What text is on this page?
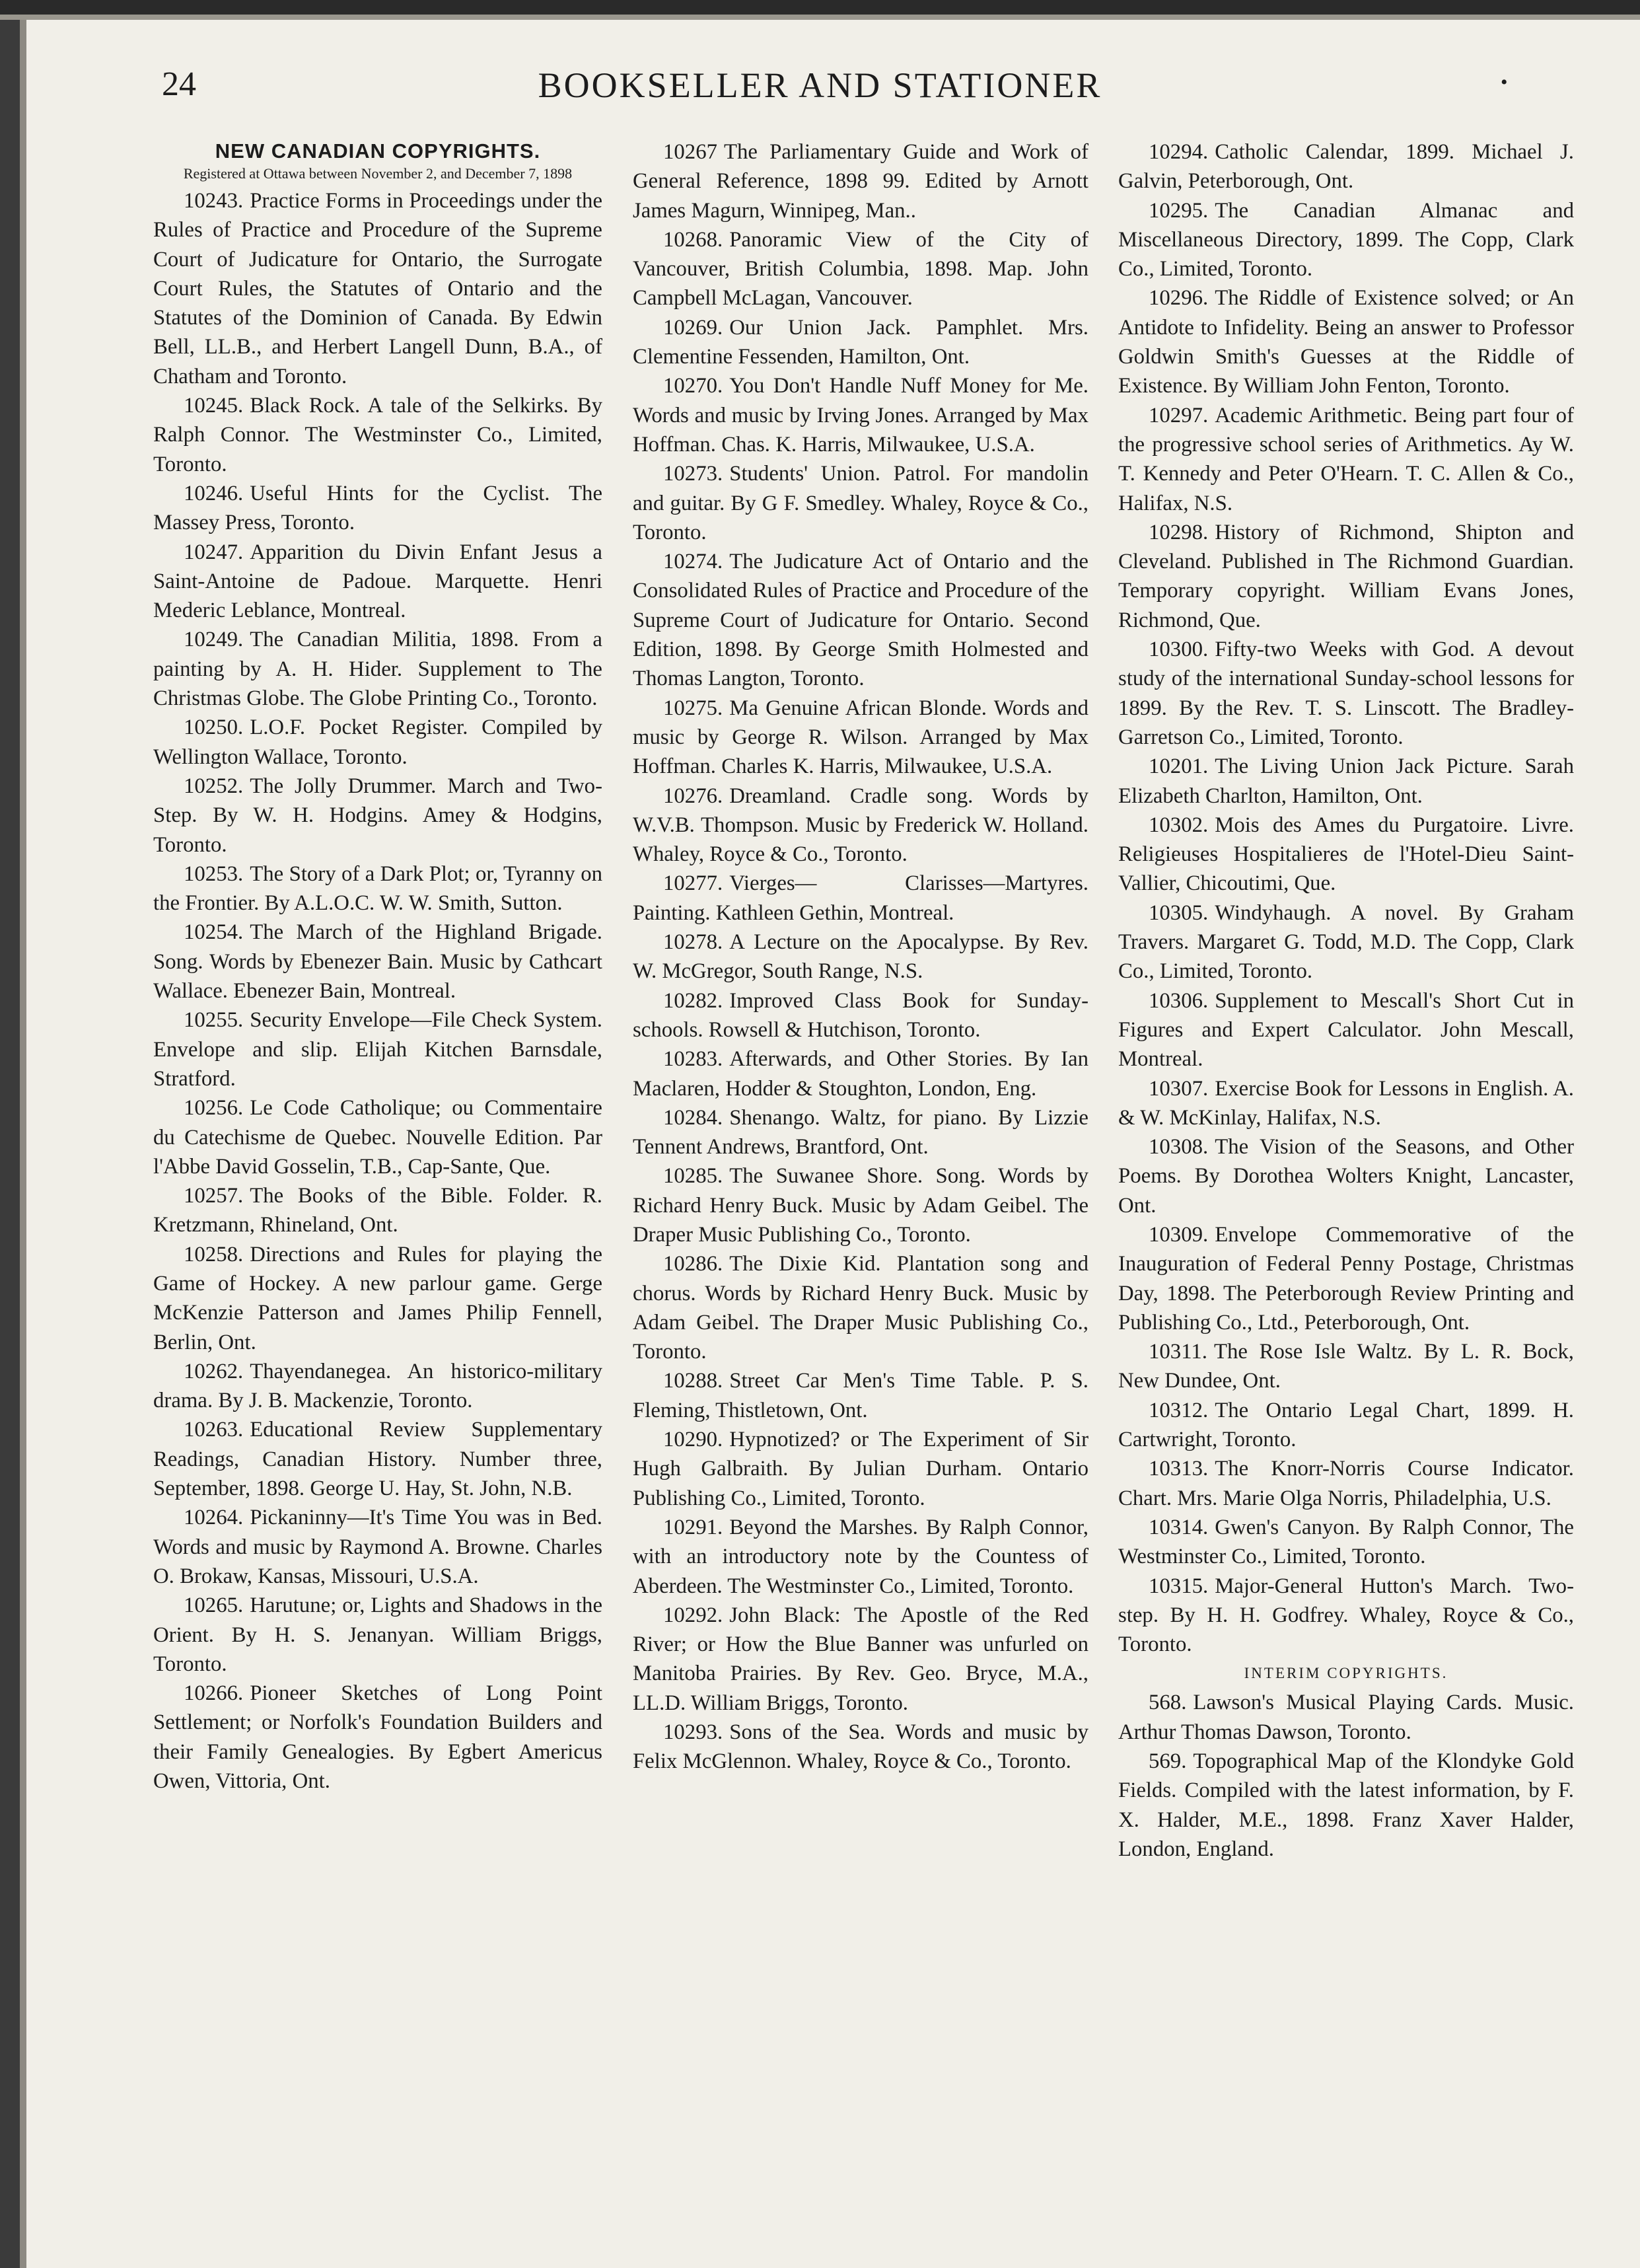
24	BOOKSELLER AND STATIONER	•

NEW CANADIAN COPYRIGHTS.

Registered at Ottawa between November 2, and December 7, 1898

10243. Practice Forms in Proceedings under the Rules of Practice and Procedure of the Supreme Court of Judicature for Ontario, the Surrogate Court Rules, the Statutes of Ontario and the Statutes of the Dominion of Canada. By Edwin Bell, LL.B., and Herbert Langell Dunn, B.A., of Chatham and Toronto.

10245. Black Rock. A tale of the Selkirks. By Ralph Connor. The Westminster Co., Limited, Toronto.

10246. Useful Hints for the Cyclist. The Massey Press, Toronto.

10247. Apparition du Divin Enfant Jesus a Saint-Antoine de Padoue. Marquette. Henri Mederic Leblance, Montreal.

10249. The Canadian Militia, 1898. From a painting by A. H. Hider. Supplement to The Christmas Globe. The Globe Printing Co., Toronto.

10250. L.O.F. Pocket Register. Compiled by Wellington Wallace, Toronto.

10252. The Jolly Drummer. March and Two-Step. By W. H. Hodgins. Amey & Hodgins, Toronto.

10253. The Story of a Dark Plot; or, Tyranny on the Frontier. By A.L.O.C. W. W. Smith, Sutton.

10254. The March of the Highland Brigade. Song. Words by Ebenezer Bain. Music by Cathcart Wallace. Ebenezer Bain, Montreal.

10255. Security Envelope—File Check System. Envelope and slip. Elijah Kitchen Barnsdale, Stratford.

10256. Le Code Catholique; ou Commentaire du Catechisme de Quebec. Nouvelle Edition. Par l'Abbe David Gosselin, T.B., Cap-Sante, Que.

10257. The Books of the Bible. Folder. R. Kretzmann, Rhineland, Ont.

10258. Directions and Rules for playing the Game of Hockey. A new parlour game. Gerge McKenzie Patterson and James Philip Fennell, Berlin, Ont.

10262. Thayendanegea. An historico-military drama. By J. B. Mackenzie, Toronto.

10263. Educational Review Supplementary Readings, Canadian History. Number three, September, 1898. George U. Hay, St. John, N.B.

10264. Pickaninny—It's Time You was in Bed. Words and music by Raymond A. Browne. Charles O. Brokaw, Kansas, Missouri, U.S.A.

10265. Harutune; or, Lights and Shadows in the Orient. By H. S. Jenanyan. William Briggs, Toronto.

10266. Pioneer Sketches of Long Point Settlement; or Norfolk's Foundation Builders and their Family Genealogies. By Egbert Americus Owen, Vittoria, Ont.

10267 The Parliamentary Guide and Work of General Reference, 1898 99. Edited by Arnott James Magurn, Winnipeg, Man..

10268. Panoramic View of the City of Vancouver, British Columbia, 1898. Map. John Campbell McLagan, Vancouver.

10269. Our Union Jack. Pamphlet. Mrs. Clementine Fessenden, Hamilton, Ont.

10270. You Don't Handle Nuff Money for Me. Words and music by Irving Jones. Arranged by Max Hoffman. Chas. K. Harris, Milwaukee, U.S.A.

10273. Students' Union. Patrol. For mandolin and guitar. By G F. Smedley. Whaley, Royce & Co., Toronto.

10274. The Judicature Act of Ontario and the Consolidated Rules of Practice and Procedure of the Supreme Court of Judicature for Ontario. Second Edition, 1898. By George Smith Holmested and Thomas Langton, Toronto.

10275. Ma Genuine African Blonde. Words and music by George R. Wilson. Arranged by Max Hoffman. Charles K. Harris, Milwaukee, U.S.A.

10276. Dreamland. Cradle song. Words by W.V.B. Thompson. Music by Frederick W. Holland. Whaley, Royce & Co., Toronto.

10277. Vierges— Clarisses—Martyres. Painting. Kathleen Gethin, Montreal.

10278. A Lecture on the Apocalypse. By Rev. W. McGregor, South Range, N.S.

10282. Improved Class Book for Sunday-schools. Rowsell & Hutchison, Toronto.

10283. Afterwards, and Other Stories. By Ian Maclaren, Hodder & Stoughton, London, Eng.

10284. Shenango. Waltz, for piano. By Lizzie Tennent Andrews, Brantford, Ont.

10285. The Suwanee Shore. Song. Words by Richard Henry Buck. Music by Adam Geibel. The Draper Music Publishing Co., Toronto.

10286. The Dixie Kid. Plantation song and chorus. Words by Richard Henry Buck. Music by Adam Geibel. The Draper Music Publishing Co., Toronto.

10288. Street Car Men's Time Table. P. S. Fleming, Thistletown, Ont.

10290. Hypnotized? or The Experiment of Sir Hugh Galbraith. By Julian Durham. Ontario Publishing Co., Limited, Toronto.

10291. Beyond the Marshes. By Ralph Connor, with an introductory note by the Countess of Aberdeen. The Westminster Co., Limited, Toronto.

10292. John Black: The Apostle of the Red River; or How the Blue Banner was unfurled on Manitoba Prairies. By Rev. Geo. Bryce, M.A., LL.D. William Briggs, Toronto.

10293. Sons of the Sea. Words and music by Felix McGlennon. Whaley, Royce & Co., Toronto.

10294. Catholic Calendar, 1899. Michael J. Galvin, Peterborough, Ont.

10295. The Canadian Almanac and Miscellaneous Directory, 1899. The Copp, Clark Co., Limited, Toronto.

10296. The Riddle of Existence solved; or An Antidote to Infidelity. Being an answer to Professor Goldwin Smith's Guesses at the Riddle of Existence. By William John Fenton, Toronto.

10297. Academic Arithmetic. Being part four of the progressive school series of Arithmetics. Ay W. T. Kennedy and Peter O'Hearn. T. C. Allen & Co., Halifax, N.S.

10298. History of Richmond, Shipton and Cleveland. Published in The Richmond Guardian. Temporary copyright. William Evans Jones, Richmond, Que.

10300. Fifty-two Weeks with God. A devout study of the international Sunday-school lessons for 1899. By the Rev. T. S. Linscott. The Bradley-Garretson Co., Limited, Toronto.

10201. The Living Union Jack Picture. Sarah Elizabeth Charlton, Hamilton, Ont.

10302. Mois des Ames du Purgatoire. Livre. Religieuses Hospitalieres de l'Hotel-Dieu Saint-Vallier, Chicoutimi, Que.

10305. Windyhaugh. A novel. By Graham Travers. Margaret G. Todd, M.D. The Copp, Clark Co., Limited, Toronto.

10306. Supplement to Mescall's Short Cut in Figures and Expert Calculator. John Mescall, Montreal.

10307. Exercise Book for Lessons in English. A. & W. McKinlay, Halifax, N.S.

10308. The Vision of the Seasons, and Other Poems. By Dorothea Wolters Knight, Lancaster, Ont.

10309. Envelope Commemorative of the Inauguration of Federal Penny Postage, Christmas Day, 1898. The Peterborough Review Printing and Publishing Co., Ltd., Peterborough, Ont.

10311. The Rose Isle Waltz. By L. R. Bock, New Dundee, Ont.

10312. The Ontario Legal Chart, 1899. H. Cartwright, Toronto.

10313. The Knorr-Norris Course Indicator. Chart. Mrs. Marie Olga Norris, Philadelphia, U.S.

10314. Gwen's Canyon. By Ralph Connor, The Westminster Co., Limited, Toronto.

10315. Major-General Hutton's March. Two-step. By H. H. Godfrey. Whaley, Royce & Co., Toronto.

INTERIM COPYRIGHTS.

568. Lawson's Musical Playing Cards. Music. Arthur Thomas Dawson, Toronto.

569. Topographical Map of the Klondyke Gold Fields. Compiled with the latest information, by F. X. Halder, M.E., 1898. Franz Xaver Halder, London, England.
